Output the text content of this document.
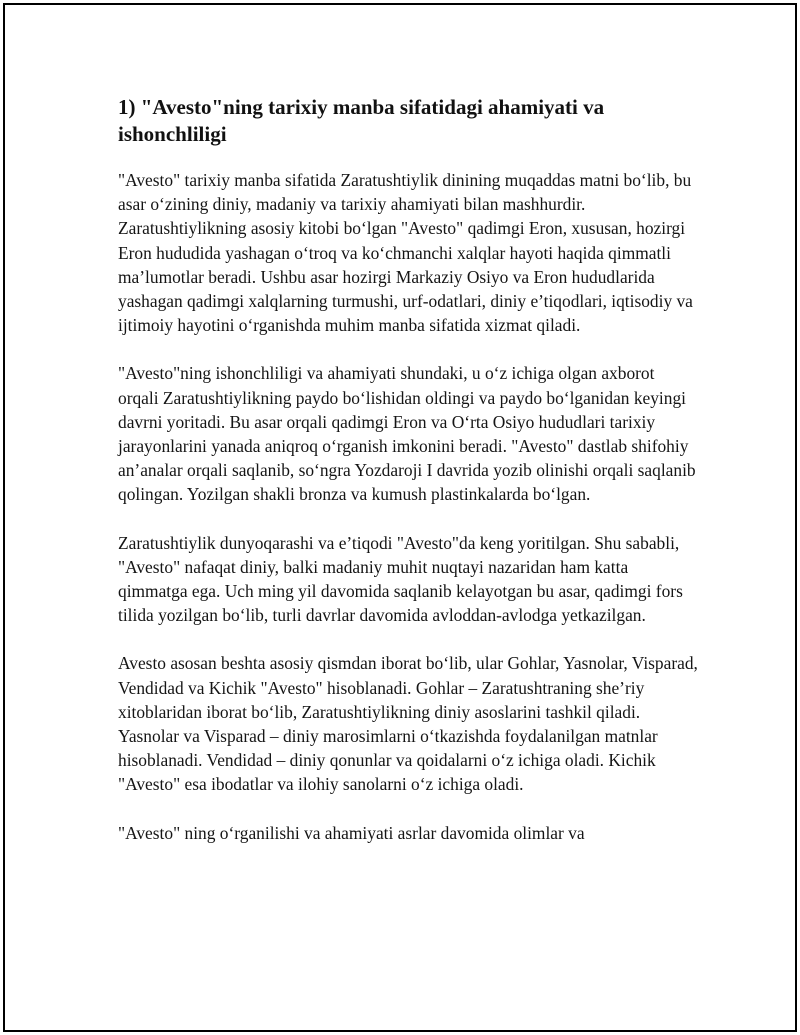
1) "Avesto"ning tarixiy manba sifatidagi ahamiyati va ishonchliligi

"Avesto" tarixiy manba sifatida Zaratushtiylik dinining muqaddas matni bo‘lib, bu asar o‘zining diniy, madaniy va tarixiy ahamiyati bilan mashhurdir. Zaratushtiylikning asosiy kitobi bo‘lgan "Avesto" qadimgi Eron, xususan, hozirgi Eron hududida yashagan o‘troq va ko‘chmanchi xalqlar hayoti haqida qimmatli ma’lumotlar beradi. Ushbu asar hozirgi Markaziy Osiyo va Eron hududlarida yashagan qadimgi xalqlarning turmushi, urf-odatlari, diniy e’tiqodlari, iqtisodiy va ijtimoiy hayotini o‘rganishda muhim manba sifatida xizmat qiladi.

"Avesto"ning ishonchliligi va ahamiyati shundaki, u o‘z ichiga olgan axborot orqali Zaratushtiylikning paydo bo‘lishidan oldingi va paydo bo‘lganidan keyingi davrni yoritadi. Bu asar orqali qadimgi Eron va O‘rta Osiyo hududlari tarixiy jarayonlarini yanada aniqroq o‘rganish imkonini beradi. "Avesto" dastlab shifohiy an’analar orqali saqlanib, so‘ngra Yozdaroji I davrida yozib olinishi orqali saqlanib qolingan. Yozilgan shakli bronza va kumush plastinkalarda bo‘lgan.

Zaratushtiylik dunyoqarashi va e’tiqodi "Avesto"da keng yoritilgan. Shu sababli, "Avesto" nafaqat diniy, balki madaniy muhit nuqtayi nazaridan ham katta qimmatga ega. Uch ming yil davomida saqlanib kelayotgan bu asar, qadimgi fors tilida yozilgan bo‘lib, turli davrlar davomida avloddan-avlodga yetkazilgan.

Avesto asosan beshta asosiy qismdan iborat bo‘lib, ular Gohlar, Yasnolar, Visparad, Vendidad va Kichik "Avesto" hisoblanadi. Gohlar – Zaratushtraning she’riy xitoblaridan iborat bo‘lib, Zaratushtiylikning diniy asoslarini tashkil qiladi. Yasnolar va Visparad – diniy marosimlarni o‘tkazishda foydalanilgan matnlar hisoblanadi. Vendidad – diniy qonunlar va qoidalarni o‘z ichiga oladi. Kichik "Avesto" esa ibodatlar va ilohiy sanolarni o‘z ichiga oladi.

"Avesto" ning o‘rganilishi va ahamiyati asrlar davomida olimlar va
